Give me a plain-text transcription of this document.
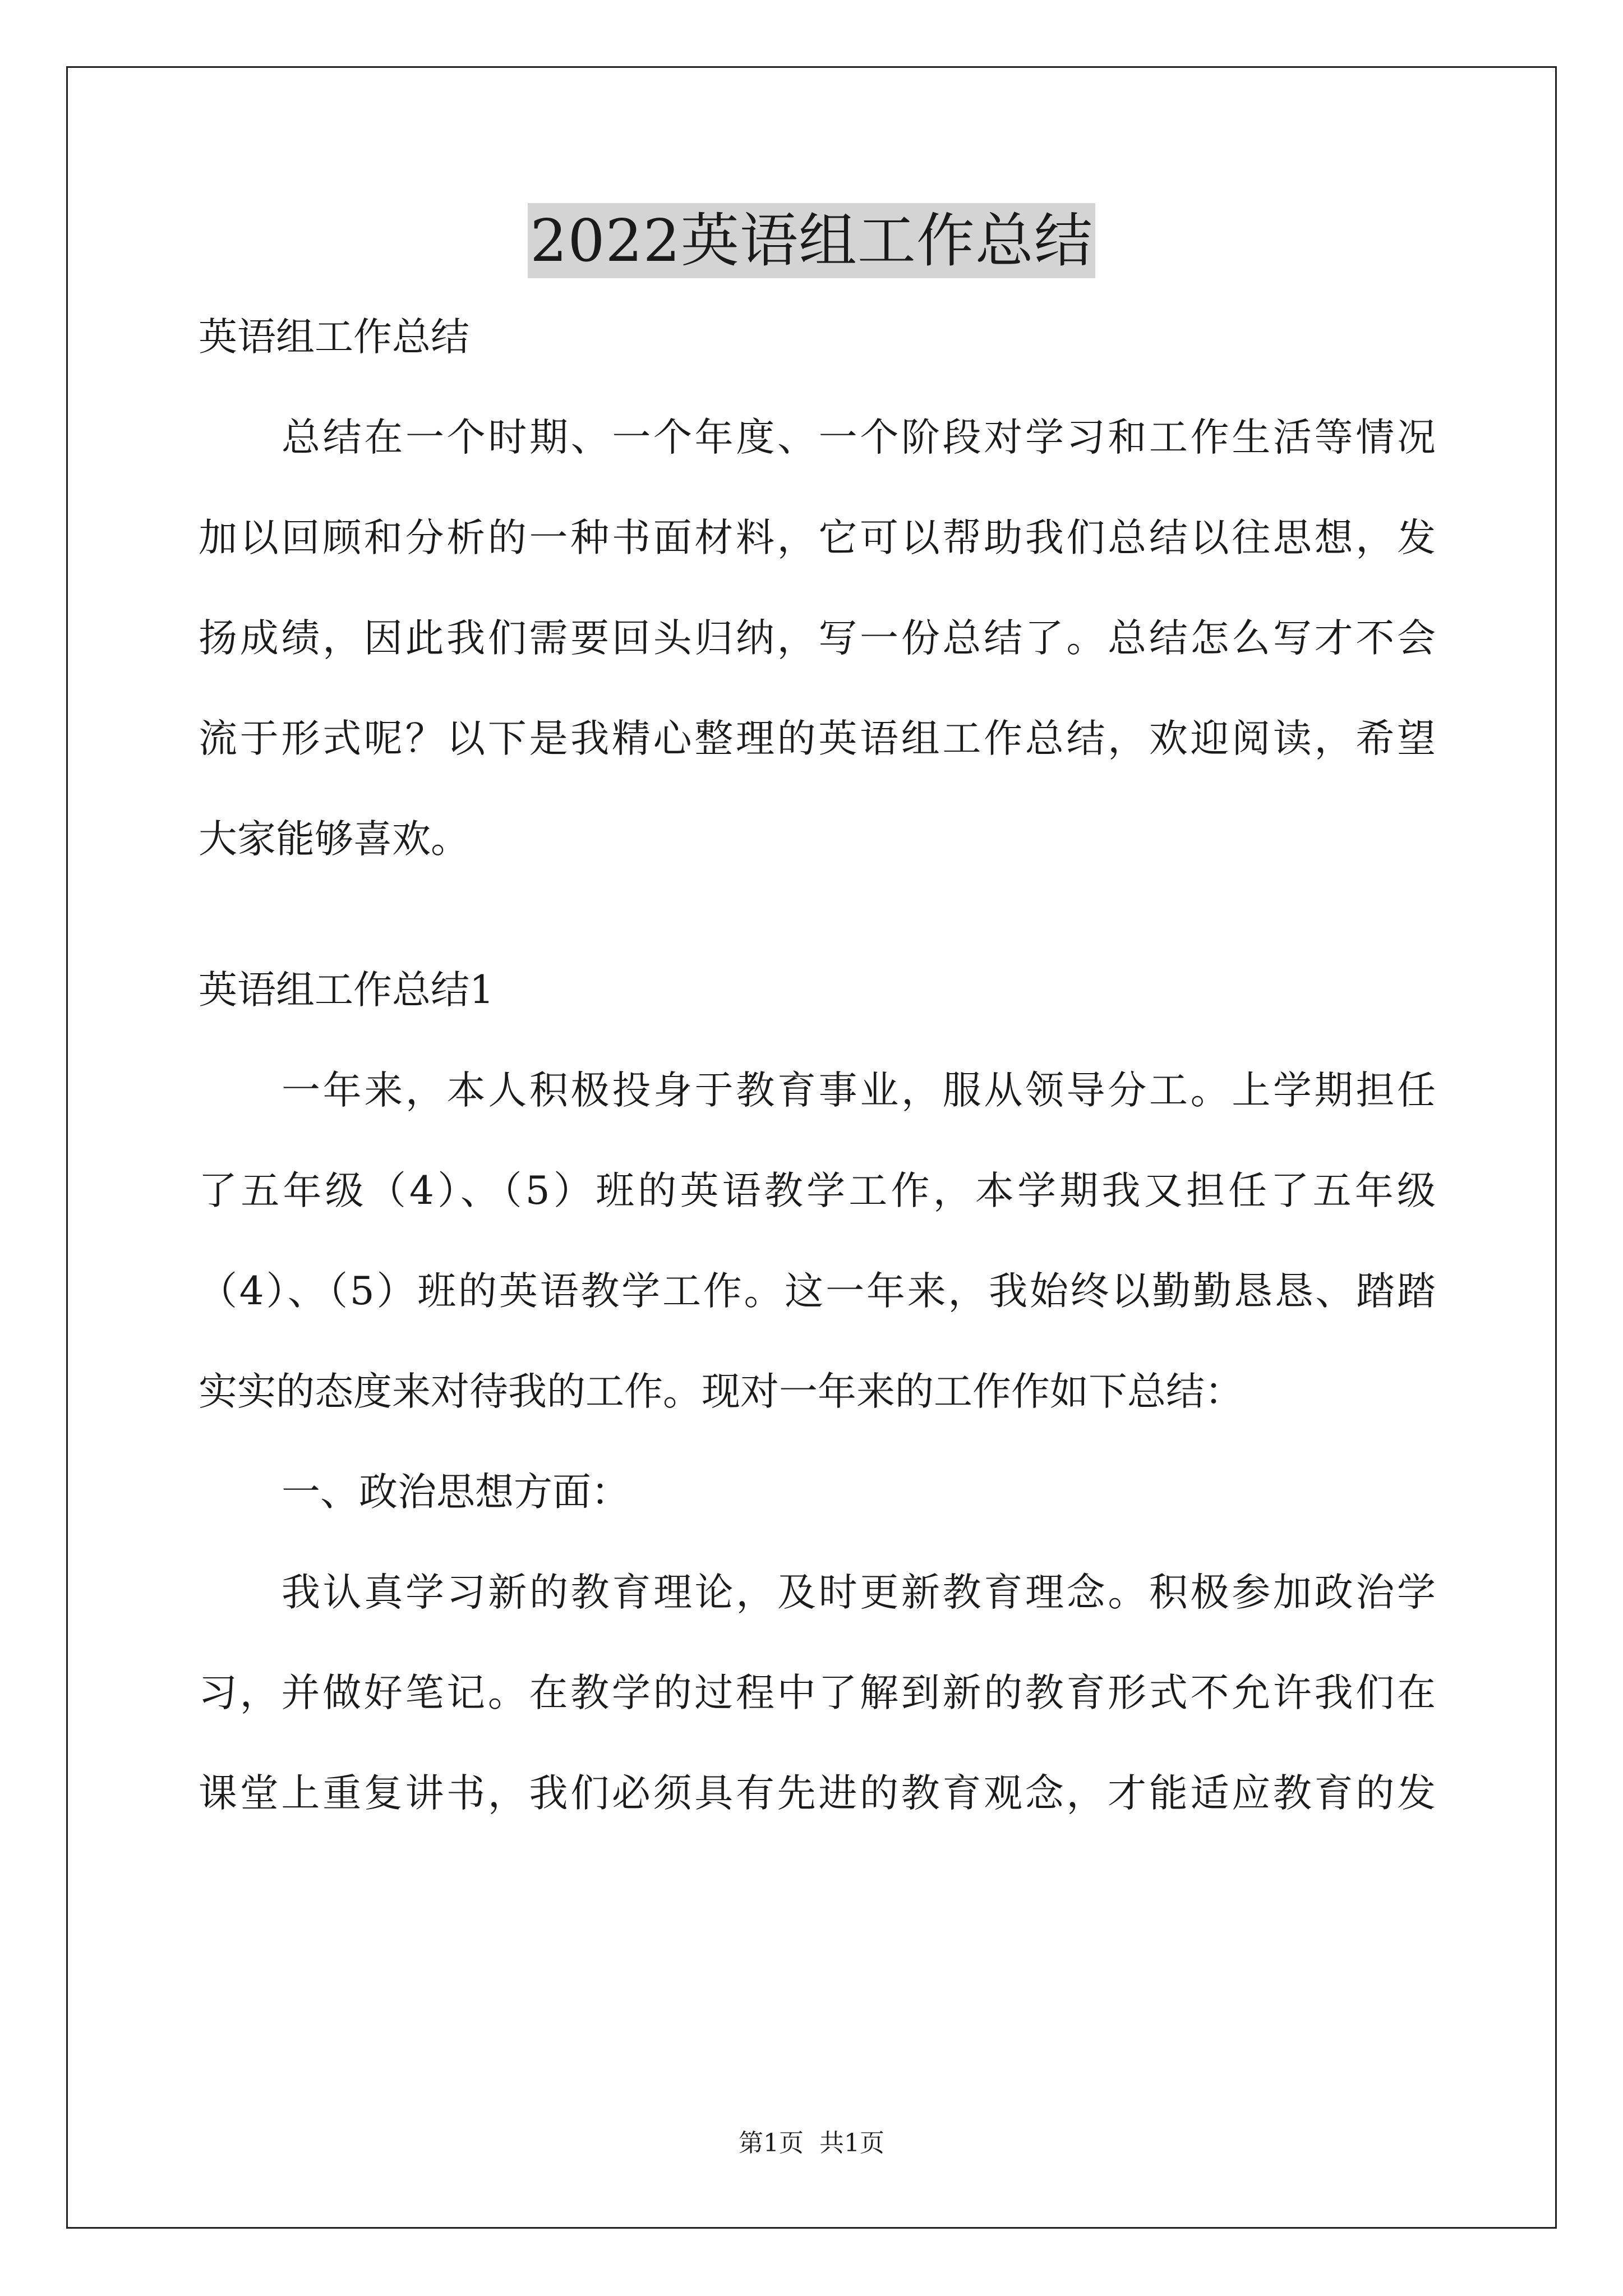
2022英语组工作总结
英语组工作总结
总结在一个时期、一个年度、一个阶段对学习和工作生活等情况
加以回顾和分析的一种书面材料，它可以帮助我们总结以往思想，发
扬成绩，因此我们需要回头归纳，写一份总结了。总结怎么写才不会
流于形式呢？以下是我精心整理的英语组工作总结，欢迎阅读，希望
大家能够喜欢。
英语组工作总结1
一年来，本人积极投身于教育事业，服从领导分工。上学期担任
了五年级（4）、（5）班的英语教学工作，本学期我又担任了五年级
（4）、（5）班的英语教学工作。这一年来，我始终以勤勤恳恳、踏踏
实实的态度来对待我的工作。现对一年来的工作作如下总结：
一、政治思想方面：
我认真学习新的教育理论，及时更新教育理念。积极参加政治学
习，并做好笔记。在教学的过程中了解到新的教育形式不允许我们在
课堂上重复讲书，我们必须具有先进的教育观念，才能适应教育的发
第1页 共1页
